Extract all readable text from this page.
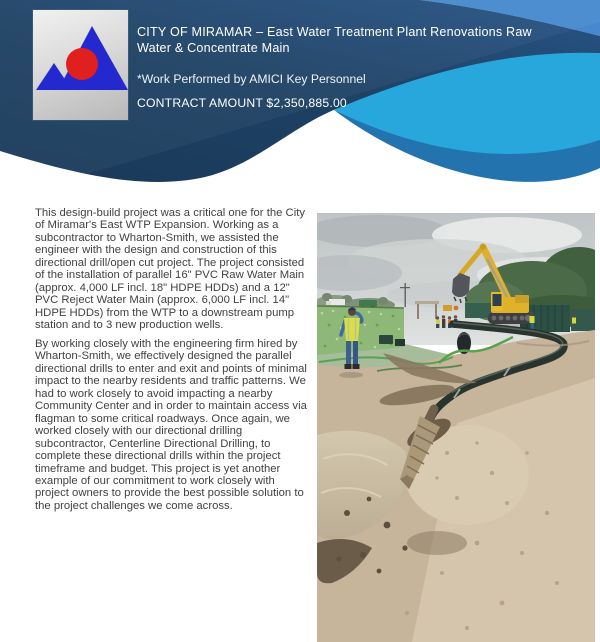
CITY OF MIRAMAR – East Water Treatment Plant Renovations Raw Water & Concentrate Main
*Work Performed by AMICI Key Personnel
CONTRACT AMOUNT $2,350,885.00

This design-build project was a critical one for the City of Miramar's East WTP Expansion. Working as a subcontractor to Wharton-Smith, we assisted the engineer with the design and construction of this directional drill/open cut project. The project consisted of the installation of parallel 16" PVC Raw Water Main (approx. 4,000 LF incl. 18" HDPE HDDs) and a 12" PVC Reject Water Main (approx. 6,000 LF incl. 14" HDPE HDDs) from the WTP to a downstream pump station and to 3 new production wells.

By working closely with the engineering firm hired by Wharton-Smith, we effectively designed the parallel directional drills to enter and exit and points of minimal impact to the nearby residents and traffic patterns. We had to work closely to avoid impacting a nearby Community Center and in order to maintain access via flagman to some critical roadways. Once again, we worked closely with our directional drilling subcontractor, Centerline Directional Drilling, to complete these directional drills within the project timeframe and budget. This project is yet another example of our commitment to work closely with project owners to provide the best possible solution to the project challenges we come across.
